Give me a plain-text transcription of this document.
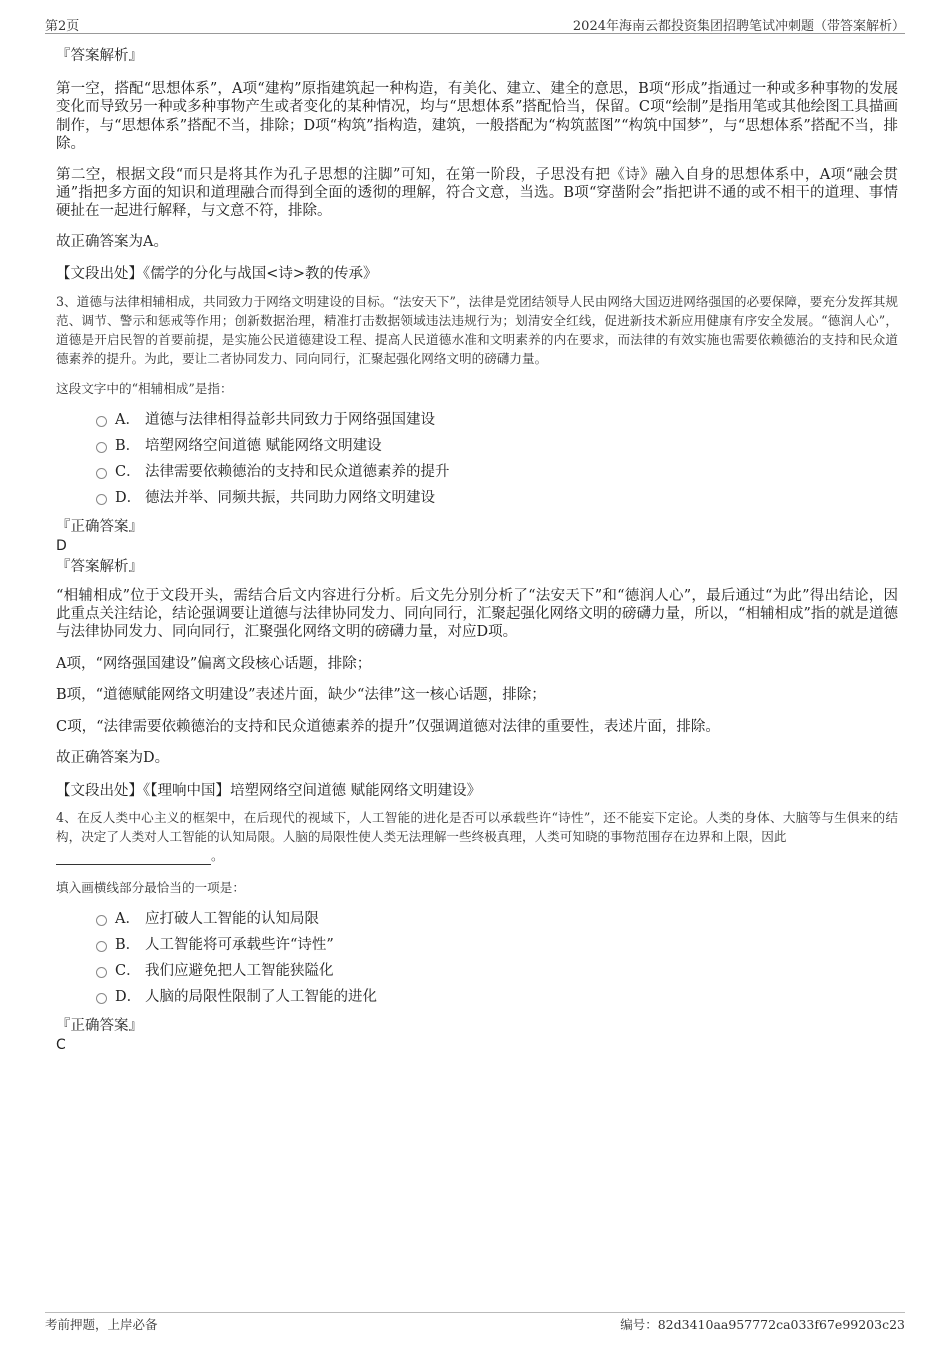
第2页	2024年海南云都投资集团招聘笔试冲刺题（带答案解析）

『答案解析』

第一空，搭配“思想体系”，A项“建构”原指建筑起一种构造，有美化、建立、建全的意思，B项“形成”指通过一种或多种事物的发展变化而导致另一种或多种事物产生或者变化的某种情况，均与“思想体系”搭配恰当，保留。C项“绘制”是指用笔或其他绘图工具描画制作，与“思想体系”搭配不当，排除；D项“构筑”指构造，建筑，一般搭配为“构筑蓝图”“构筑中国梦”，与“思想体系”搭配不当，排除。

第二空，根据文段“而只是将其作为孔子思想的注脚”可知，在第一阶段，子思没有把《诗》融入自身的思想体系中，A项“融会贯通”指把多方面的知识和道理融合而得到全面的透彻的理解，符合文意，当选。B项“穿凿附会”指把讲不通的或不相干的道理、事情硬扯在一起进行解释，与文意不符，排除。

故正确答案为A。

【文段出处】《儒学的分化与战国<诗>教的传承》

3、道德与法律相辅相成，共同致力于网络文明建设的目标。“法安天下”，法律是党团结领导人民由网络大国迈进网络强国的必要保障，要充分发挥其规范、调节、警示和惩戒等作用；创新数据治理，精准打击数据领域违法违规行为；划清安全红线，促进新技术新应用健康有序安全发展。“德润人心”，道德是开启民智的首要前提，是实施公民道德建设工程、提高人民道德水准和文明素养的内在要求，而法律的有效实施也需要依赖德治的支持和民众道德素养的提升。为此，要让二者协同发力、同向同行，汇聚起强化网络文明的磅礴力量。

这段文字中的“相辅相成”是指：

A． 道德与法律相得益彰共同致力于网络强国建设
B． 培塑网络空间道德 赋能网络文明建设
C． 法律需要依赖德治的支持和民众道德素养的提升
D． 德法并举、同频共振，共同助力网络文明建设

『正确答案』

D

『答案解析』

“相辅相成”位于文段开头，需结合后文内容进行分析。后文先分别分析了“法安天下”和“德润人心”，最后通过“为此”得出结论，因此重点关注结论，结论强调要让道德与法律协同发力、同向同行，汇聚起强化网络文明的磅礴力量，所以，“相辅相成”指的就是道德与法律协同发力、同向同行，汇聚强化网络文明的磅礴力量，对应D项。

A项，“网络强国建设”偏离文段核心话题，排除；

B项，“道德赋能网络文明建设”表述片面，缺少“法律”这一核心话题，排除；

C项，“法律需要依赖德治的支持和民众道德素养的提升”仅强调道德对法律的重要性，表述片面，排除。

故正确答案为D。

【文段出处】《【理响中国】培塑网络空间道德 赋能网络文明建设》

4、在反人类中心主义的框架中，在后现代的视域下，人工智能的进化是否可以承载些许“诗性”，还不能妄下定论。人类的身体、大脑等与生俱来的结构，决定了人类对人工智能的认知局限。人脑的局限性使人类无法理解一些终极真理，人类可知晓的事物范围存在边界和上限，因此
。

填入画横线部分最恰当的一项是：

A． 应打破人工智能的认知局限
B． 人工智能将可承载些许“诗性”
C． 我们应避免把人工智能狭隘化
D． 人脑的局限性限制了人工智能的进化

『正确答案』

C

考前押题，上岸必备	编号：82d3410aa957772ca033f67e99203c23
